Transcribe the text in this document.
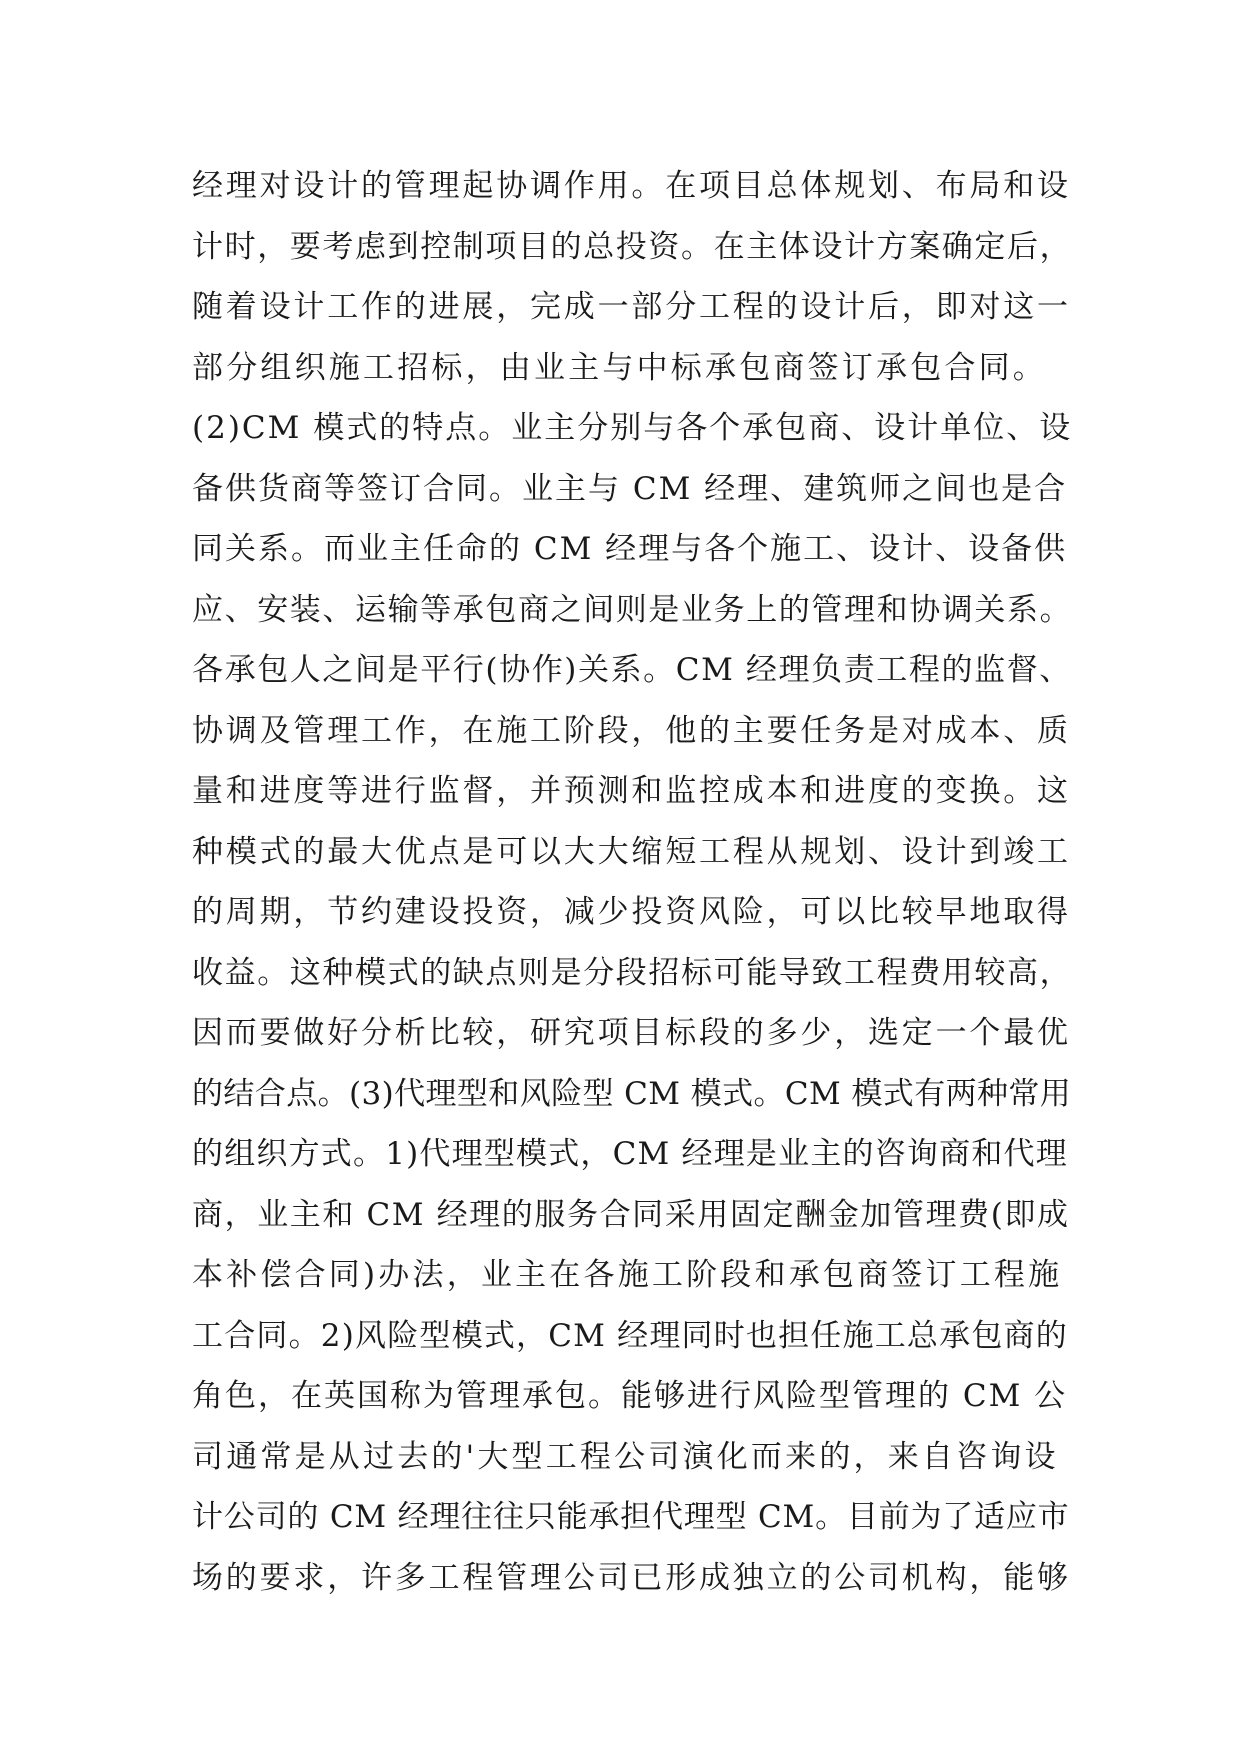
经理对设计的管理起协调作用。在项目总体规划、布局和设
计时，要考虑到控制项目的总投资。在主体设计方案确定后，
随着设计工作的进展，完成一部分工程的设计后，即对这一
部分组织施工招标，由业主与中标承包商签订承包合同。
(2)CM 模式的特点。业主分别与各个承包商、设计单位、设
备供货商等签订合同。业主与 CM 经理、建筑师之间也是合
同关系。而业主任命的 CM 经理与各个施工、设计、设备供
应、安装、运输等承包商之间则是业务上的管理和协调关系。
各承包人之间是平行(协作)关系。CM 经理负责工程的监督、
协调及管理工作，在施工阶段，他的主要任务是对成本、质
量和进度等进行监督，并预测和监控成本和进度的变换。这
种模式的最大优点是可以大大缩短工程从规划、设计到竣工
的周期，节约建设投资，减少投资风险，可以比较早地取得
收益。这种模式的缺点则是分段招标可能导致工程费用较高，
因而要做好分析比较，研究项目标段的多少，选定一个最优
的结合点。(3)代理型和风险型 CM 模式。CM 模式有两种常用
的组织方式。1)代理型模式，CM 经理是业主的咨询商和代理
商，业主和 CM 经理的服务合同采用固定酬金加管理费(即成
本补偿合同)办法，业主在各施工阶段和承包商签订工程施
工合同。2)风险型模式，CM 经理同时也担任施工总承包商的
角色，在英国称为管理承包。能够进行风险型管理的 CM 公
司通常是从过去的'大型工程公司演化而来的，来自咨询设
计公司的 CM 经理往往只能承担代理型 CM。目前为了适应市
场的要求，许多工程管理公司已形成独立的公司机构，能够
